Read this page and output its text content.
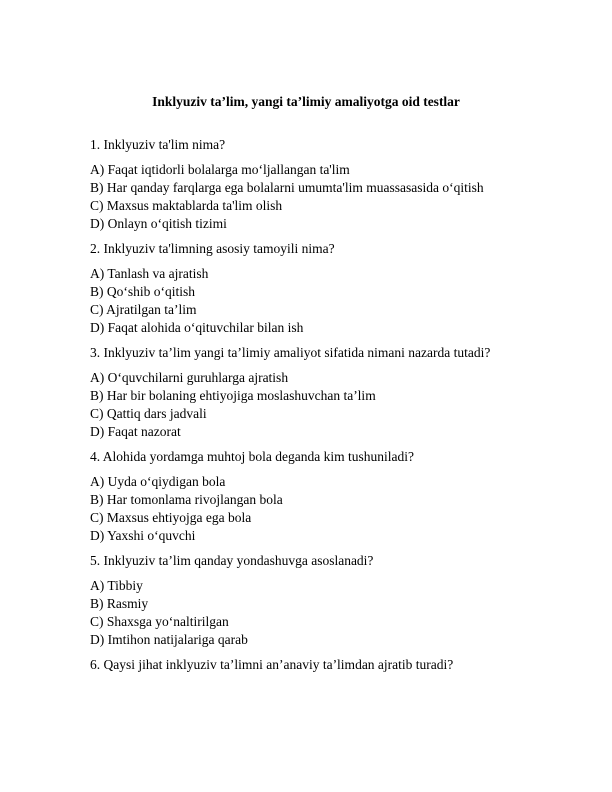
Inklyuziv ta’lim, yangi ta’limiy amaliyotga oid testlar

1. Inklyuziv ta'lim nima?

A) Faqat iqtidorli bolalarga mo‘ljallangan ta'lim
B) Har qanday farqlarga ega bolalarni umumta'lim muassasasida o‘qitish
C) Maxsus maktablarda ta'lim olish
D) Onlayn o‘qitish tizimi

2. Inklyuziv ta'limning asosiy tamoyili nima?

A) Tanlash va ajratish
B) Qo‘shib o‘qitish
C) Ajratilgan ta’lim
D) Faqat alohida o‘qituvchilar bilan ish

3. Inklyuziv ta’lim yangi ta’limiy amaliyot sifatida nimani nazarda tutadi?

A) O‘quvchilarni guruhlarga ajratish
B) Har bir bolaning ehtiyojiga moslashuvchan ta’lim
C) Qattiq dars jadvali
D) Faqat nazorat

4. Alohida yordamga muhtoj bola deganda kim tushuniladi?

A) Uyda o‘qiydigan bola
B) Har tomonlama rivojlangan bola
C) Maxsus ehtiyojga ega bola
D) Yaxshi o‘quvchi

5. Inklyuziv ta’lim qanday yondashuvga asoslanadi?

A) Tibbiy
B) Rasmiy
C) Shaxsga yo‘naltirilgan
D) Imtihon natijalariga qarab

6. Qaysi jihat inklyuziv ta’limni an’anaviy ta’limdan ajratib turadi?
